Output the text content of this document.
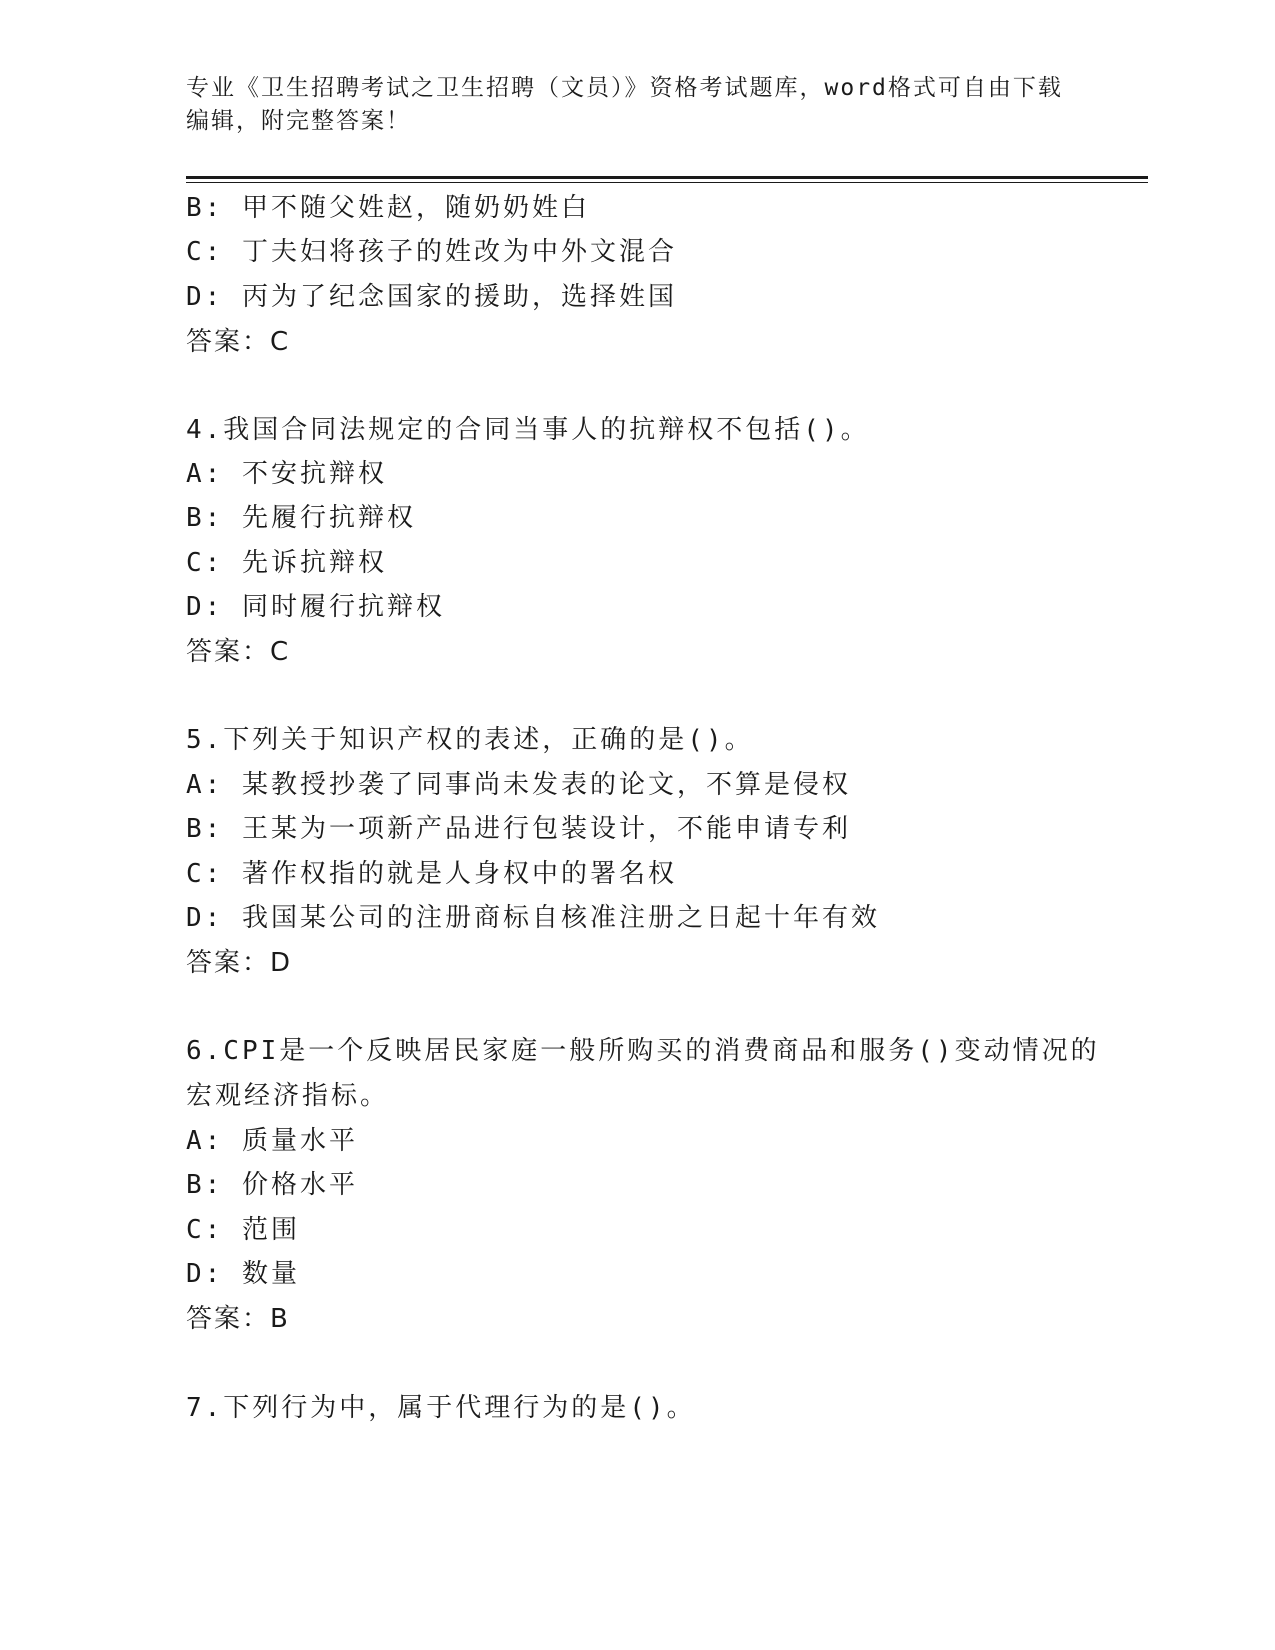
专业《卫生招聘考试之卫生招聘（文员）》资格考试题库，word格式可自由下载
编辑，附完整答案！
B: 甲不随父姓赵，随奶奶姓白
C: 丁夫妇将孩子的姓改为中外文混合
D: 丙为了纪念国家的援助，选择姓国
答案：C
4.我国合同法规定的合同当事人的抗辩权不包括()。
A: 不安抗辩权
B: 先履行抗辩权
C: 先诉抗辩权
D: 同时履行抗辩权
答案：C
5.下列关于知识产权的表述，正确的是()。
A: 某教授抄袭了同事尚未发表的论文，不算是侵权
B: 王某为一项新产品进行包装设计，不能申请专利
C: 著作权指的就是人身权中的署名权
D: 我国某公司的注册商标自核准注册之日起十年有效
答案：D
6.CPI是一个反映居民家庭一般所购买的消费商品和服务()变动情况的
宏观经济指标。
A: 质量水平
B: 价格水平
C: 范围
D: 数量
答案：B
7.下列行为中，属于代理行为的是()。
